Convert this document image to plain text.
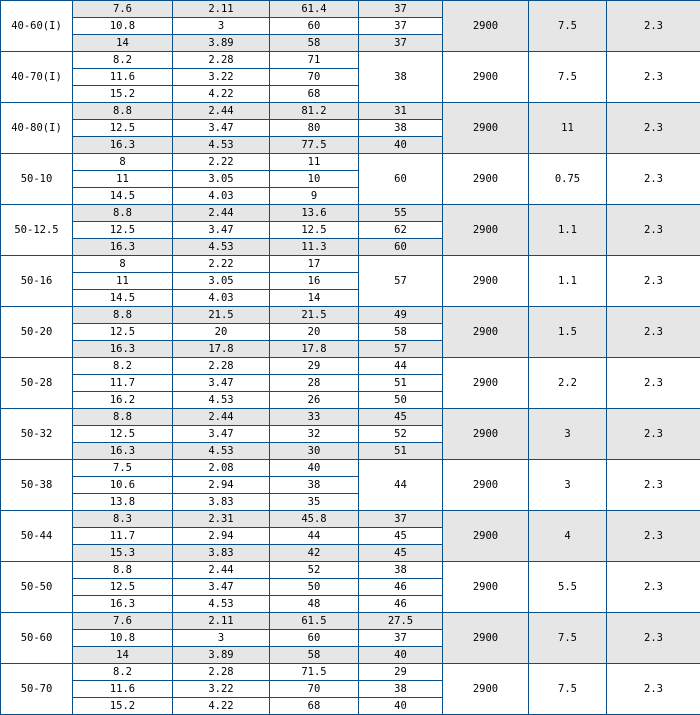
40-60(I)	7.6	2.11	61.4	37	2900	7.5	2.3
	10.8	3	60	37			
	14	3.89	58	37			
40-70(I)	8.2	2.28	71	38	2900	7.5	2.3
	11.6	3.22	70				
	15.2	4.22	68				
40-80(I)	8.8	2.44	81.2	31	2900	11	2.3
	12.5	3.47	80	38			
	16.3	4.53	77.5	40			
50-10	8	2.22	11	60	2900	0.75	2.3
	11	3.05	10				
	14.5	4.03	9				
50-12.5	8.8	2.44	13.6	55	2900	1.1	2.3
	12.5	3.47	12.5	62			
	16.3	4.53	11.3	60			
50-16	8	2.22	17	57	2900	1.1	2.3
	11	3.05	16				
	14.5	4.03	14				
50-20	8.8	21.5	21.5	49	2900	1.5	2.3
	12.5	20	20	58			
	16.3	17.8	17.8	57			
50-28	8.2	2.28	29	44	2900	2.2	2.3
	11.7	3.47	28	51			
	16.2	4.53	26	50			
50-32	8.8	2.44	33	45	2900	3	2.3
	12.5	3.47	32	52			
	16.3	4.53	30	51			
50-38	7.5	2.08	40	44	2900	3	2.3
	10.6	2.94	38				
	13.8	3.83	35				
50-44	8.3	2.31	45.8	37	2900	4	2.3
	11.7	2.94	44	45			
	15.3	3.83	42	45			
50-50	8.8	2.44	52	38	2900	5.5	2.3
	12.5	3.47	50	46			
	16.3	4.53	48	46			
50-60	7.6	2.11	61.5	27.5	2900	7.5	2.3
	10.8	3	60	37			
	14	3.89	58	40			
50-70	8.2	2.28	71.5	29	2900	7.5	2.3
	11.6	3.22	70	38			
	15.2	4.22	68	40			
